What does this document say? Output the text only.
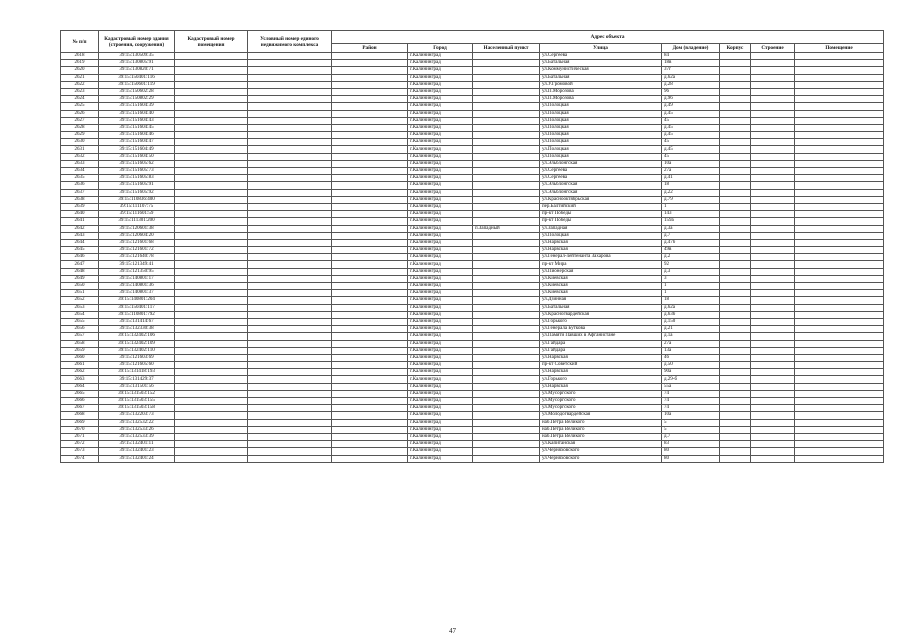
№ п/п	Кадастровый номер здания (строения, сооружения)	Кадастровый номер помещения	Условный номер единого недвижимого комплекса	Адрес объекта							
				Район	Город	Населенный пункт	Улица	Дом (владение)	Корпус	Строение	Помещение
2618	39:15:130509:35				г.Калининград		ул.Сергеева	84			
2619	39:15:130805:91				г.Калининград		ул.Батальная	18в			
2620	39:15:130820:71				г.Калининград		ул.Коммунистическая	37г			
2621	39:15:150401:116				г.Калининград		ул.Батальная	д.62а			
2622	39:15:150601:119				г.Калининград		ул.У.Громовой	д.28			
2623	39:15:150602:28				г.Калининград		ул.П.Морозова	96			
2624	39:15:150802:29				г.Калининград		ул.П.Морозова	д.96			
2625	39:15:151604:39				г.Калининград		ул.Полоцкая	д.49			
2626	39:15:151604:40				г.Калининград		ул.Полоцкая	д.45			
2627	39:15:151604:43				г.Калининград		ул.Полоцкая	45			
2628	39:15:151604:45				г.Калининград		ул.Полоцкая	д.45			
2629	39:15:151604:46				г.Калининград		ул.Полоцкая	д.45			
2630	39:15:151604:47				г.Калининград		ул.Полоцкая	45			
2631	39:15:151604:49				г.Калининград		ул.Полоцкая	д.45			
2632	39:15:151604:50				г.Калининград		ул.Полоцкая	45			
2633	39:15:151605:62				г.Калининград		ул.Эльблонгская	10а			
2634	39:15:151605:73				г.Калининград		ул.Сергеева	27а			
2635	39:15:151605:83				г.Калининград		ул.Сергеева	д.41			
2636	39:15:151605:91				г.Калининград		ул.Эльблонгская	18			
2637	39:15:151605:92				г.Калининград		ул.Эльблонгская	д.22			
2638	39:15:110836:400				г.Калининград		ул.Краснооктябрьская	д.79			
2639	39:15:111107:75				г.Калининград		пер.Балтийский	1			
2640	39:15:111601:59				г.Калининград		пр-кт Победы	143			
2641	39:15:111301:200				г.Калининград		пр-кт Победы	159а			
2642	39:15:120601:38				г.Калининград	п.Западный	ул.Западная	д.3а			
2643	39:15:120604:20				г.Калининград		ул.Полоцкая	д.7			
2644	39:15:121601:68				г.Калининград		ул.Нарвская	д.47б			
2645	39:15:121601:72				г.Калининград		ул.Нарвская	49в			
2646	39:15:121640:78				г.Калининград		ул.Генерал-лейтенанта Захарова	д.2			
2647	39:15:121349:41				г.Калининград		пр-кт Мира	92			
2648	39:15:121350:95				г.Калининград		ул.Пионерская	д.3			
2649	39:15:140801:17				г.Калининград		ул.Киевская	3			
2650	39:15:140801:36				г.Калининград		ул.Киевская	1			
2651	39:15:140801:37				г.Калининград		ул.Киевская	1			
2652	39:15:140801:204				г.Калининград		ул.Дзинная	18			
2653	39:15:150401:117				г.Калининград		ул.Батальная	д.62а			
2654	39:15:110801:792				г.Калининград		ул.Красногвардейская	д.63б			
2655	39:15:131414:67				г.Калининград		ул.Горького	д.150			
2656	39:15:132330:38				г.Калининград		ул.Генерала Буткова	д.21			
2657	39:15:132402:106				г.Калининград		ул.Памяти Павших в Афганистане	д.1а			
2658	39:15:132402:109				г.Калининград		ул.Гайдара	27а			
2659	39:15:132402:110				г.Калининград		ул.Гайдара	13а			
2660	39:15:121603:69				г.Калининград		ул.Нарвская	46			
2661	39:15:121605:60				г.Калининград		пр-кт Советский	д.50			
2662	39:15:131418:193				г.Калининград		ул.Нарвская	90а			
2663	39:15:131429:37				г.Калининград		ул.Горького	д.29-б			
2664	39:15:131501:56				г.Калининград		ул.Нарвская	55а			
2665	39:15:131503:152				г.Калининград		ул.Мусоргского	74			
2666	39:15:131503:155				г.Калининград		ул.Мусоргского	74			
2667	39:15:131503:158				г.Калининград		ул.Мусоргского	74			
2668	39:15:132203:73				г.Калининград		ул.Молодогвардейская	10а			
2669	39:15:132532:22				г.Калининград		наб.Петра Великого	5			
2670	39:15:132533:26				г.Калининград		наб.Петра Великого	5			
2671	39:15:132533:39				г.Калининград		наб.Петра Великого	д.7			
2672	39:15:132401:11				г.Калининград		ул.Капитанская	83			
2673	39:15:132401:23				г.Калининград		ул.Черняховского	80			
2674	39:15:132401:24				г.Калининград		ул.Черняховского	80			
47
